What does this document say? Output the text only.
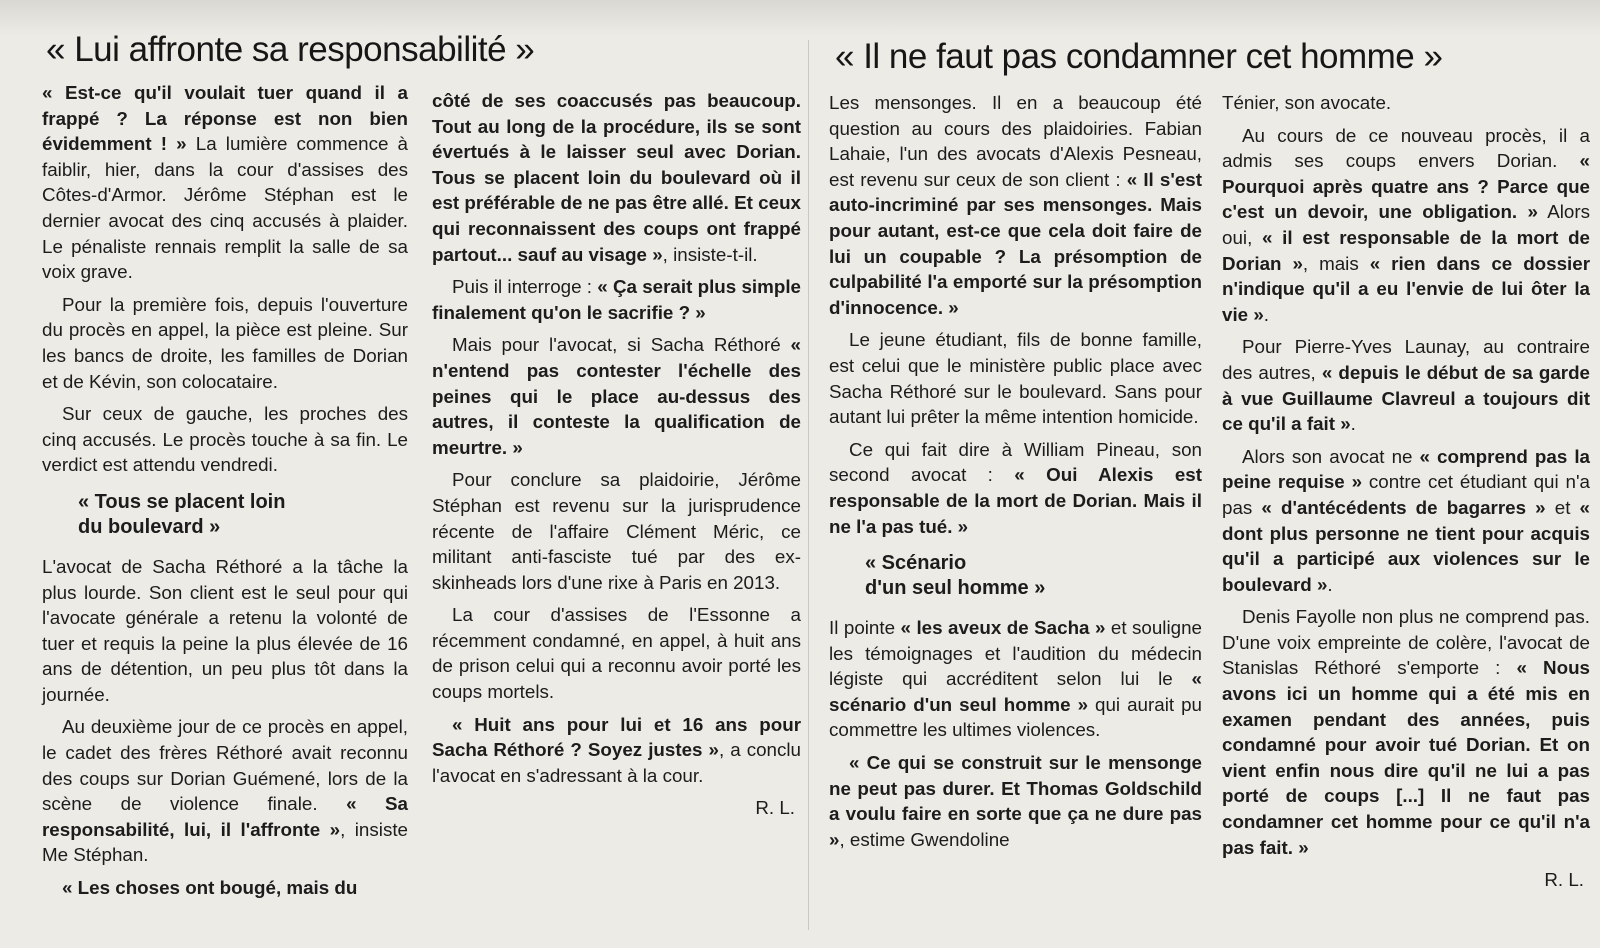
« Lui affronte sa responsabilité »	« Il ne faut pas condamner cet homme »

« Est-ce qu'il voulait tuer quand il a frappé ? La réponse est non bien évidemment ! » La lumière commence à faiblir, hier, dans la cour d'assises des Côtes-d'Armor. Jérôme Stéphan est le dernier avocat des cinq accusés à plaider. Le pénaliste rennais remplit la salle de sa voix grave.

Pour la première fois, depuis l'ouverture du procès en appel, la pièce est pleine. Sur les bancs de droite, les familles de Dorian et de Kévin, son colocataire.

Sur ceux de gauche, les proches des cinq accusés. Le procès touche à sa fin. Le verdict est attendu vendredi.

« Tous se placent loin
du boulevard »

L'avocat de Sacha Réthoré a la tâche la plus lourde. Son client est le seul pour qui l'avocate générale a retenu la volonté de tuer et requis la peine la plus élevée de 16 ans de détention, un peu plus tôt dans la journée.

Au deuxième jour de ce procès en appel, le cadet des frères Réthoré avait reconnu des coups sur Dorian Guémené, lors de la scène de violence finale. « Sa responsabilité, lui, il l'affronte », insiste Me Stéphan.

« Les choses ont bougé, mais du

côté de ses coaccusés pas beaucoup. Tout au long de la procédure, ils se sont évertués à le laisser seul avec Dorian. Tous se placent loin du boulevard où il est préférable de ne pas être allé. Et ceux qui reconnaissent des coups ont frappé partout... sauf au visage », insiste-t-il.

Puis il interroge : « Ça serait plus simple finalement qu'on le sacrifie ? »

Mais pour l'avocat, si Sacha Réthoré « n'entend pas contester l'échelle des peines qui le place au-dessus des autres, il conteste la qualification de meurtre. »

Pour conclure sa plaidoirie, Jérôme Stéphan est revenu sur la jurisprudence récente de l'affaire Clément Méric, ce militant anti-fasciste tué par des ex-skinheads lors d'une rixe à Paris en 2013.

La cour d'assises de l'Essonne a récemment condamné, en appel, à huit ans de prison celui qui a reconnu avoir porté les coups mortels.

« Huit ans pour lui et 16 ans pour Sacha Réthoré ? Soyez justes », a conclu l'avocat en s'adressant à la cour.

R. L.

Les mensonges. Il en a beaucoup été question au cours des plaidoiries. Fabian Lahaie, l'un des avocats d'Alexis Pesneau, est revenu sur ceux de son client : « Il s'est auto-incriminé par ses mensonges. Mais pour autant, est-ce que cela doit faire de lui un coupable ? La présomption de culpabilité l'a emporté sur la présomption d'innocence. »

Le jeune étudiant, fils de bonne famille, est celui que le ministère public place avec Sacha Réthoré sur le boulevard. Sans pour autant lui prêter la même intention homicide.

Ce qui fait dire à William Pineau, son second avocat : « Oui Alexis est responsable de la mort de Dorian. Mais il ne l'a pas tué. »

« Scénario
d'un seul homme »

Il pointe « les aveux de Sacha » et souligne les témoignages et l'audition du médecin légiste qui accréditent selon lui le « scénario d'un seul homme » qui aurait pu commettre les ultimes violences.

« Ce qui se construit sur le mensonge ne peut pas durer. Et Thomas Goldschild a voulu faire en sorte que ça ne dure pas », estime Gwendoline

Ténier, son avocate.

Au cours de ce nouveau procès, il a admis ses coups envers Dorian. « Pourquoi après quatre ans ? Parce que c'est un devoir, une obligation. » Alors oui, « il est responsable de la mort de Dorian », mais « rien dans ce dossier n'indique qu'il a eu l'envie de lui ôter la vie ».

Pour Pierre-Yves Launay, au contraire des autres, « depuis le début de sa garde à vue Guillaume Clavreul a toujours dit ce qu'il a fait ».

Alors son avocat ne « comprend pas la peine requise » contre cet étudiant qui n'a pas « d'antécédents de bagarres » et « dont plus personne ne tient pour acquis qu'il a participé aux violences sur le boulevard ».

Denis Fayolle non plus ne comprend pas. D'une voix empreinte de colère, l'avocat de Stanislas Réthoré s'emporte : « Nous avons ici un homme qui a été mis en examen pendant des années, puis condamné pour avoir tué Dorian. Et on vient enfin nous dire qu'il ne lui a pas porté de coups [...] Il ne faut pas condamner cet homme pour ce qu'il n'a pas fait. »

R. L.
